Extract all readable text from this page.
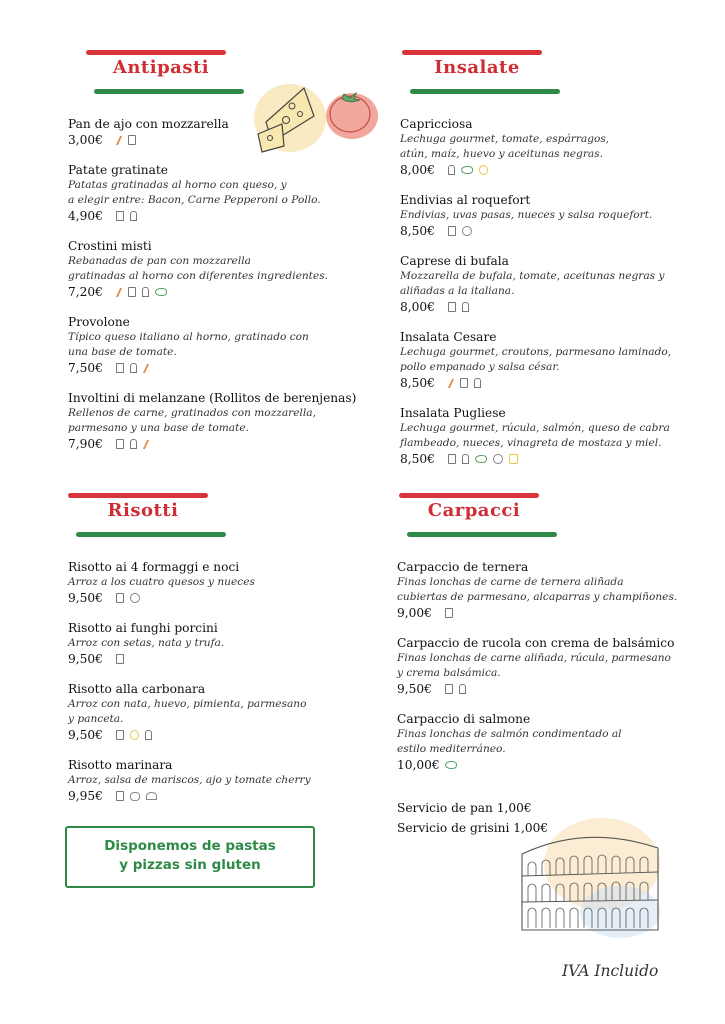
Antipasti
Pan de ajo con mozzarella
3,00€
Patate gratinate
Patatas gratinadas al horno con queso, y
a elegir entre: Bacon, Carne Pepperoni o Pollo.
4,90€
Crostini misti
Rebanadas de pan con mozzarella
gratinadas al horno con diferentes ingredientes.
7,20€
Provolone
Típico queso italiano al horno, gratinado con
una base de tomate.
7,50€
Involtini di melanzane (Rollitos de berenjenas)
Rellenos de carne, gratinados con mozzarella,
parmesano y una base de tomate.
7,90€
Insalate
Capricciosa
Lechuga gourmet, tomate, espárragos,
atún, maíz, huevo y aceitunas negras.
8,00€
Endivias al roquefort
Endivias, uvas pasas, nueces y salsa roquefort.
8,50€
Caprese di bufala
Mozzarella de bufala, tomate, aceitunas negras y
aliñadas a la italiana.
8,00€
Insalata Cesare
Lechuga gourmet, croutons, parmesano laminado,
pollo empanado y salsa césar.
8,50€
Insalata Pugliese
Lechuga gourmet, rúcula, salmón, queso de cabra
flambeado, nueces, vinagreta de mostaza y miel.
8,50€
Risotti
Risotto ai 4 formaggi e noci
Arroz a los cuatro quesos y nueces
9,50€
Risotto ai funghi porcini
Arroz con setas, nata y trufa.
9,50€
Risotto alla carbonara
Arroz con nata, huevo, pimienta, parmesano
y panceta.
9,50€
Risotto marinara
Arroz, salsa de mariscos, ajo y tomate cherry
9,95€
Carpacci
Carpaccio de ternera
Finas lonchas de carne de ternera aliñada
cubiertas de parmesano, alcaparras y champiñones.
9,00€
Carpaccio de rucola con crema de balsámico
Finas lonchas de carne aliñada, rúcula, parmesano
y crema balsámica.
9,50€
Carpaccio di salmone
Finas lonchas de salmón condimentado al
estilo mediterráneo.
10,00€
Disponemos de pastas
y pizzas sin gluten
Servicio de pan 1,00€
Servicio de grisini 1,00€
IVA Incluido
